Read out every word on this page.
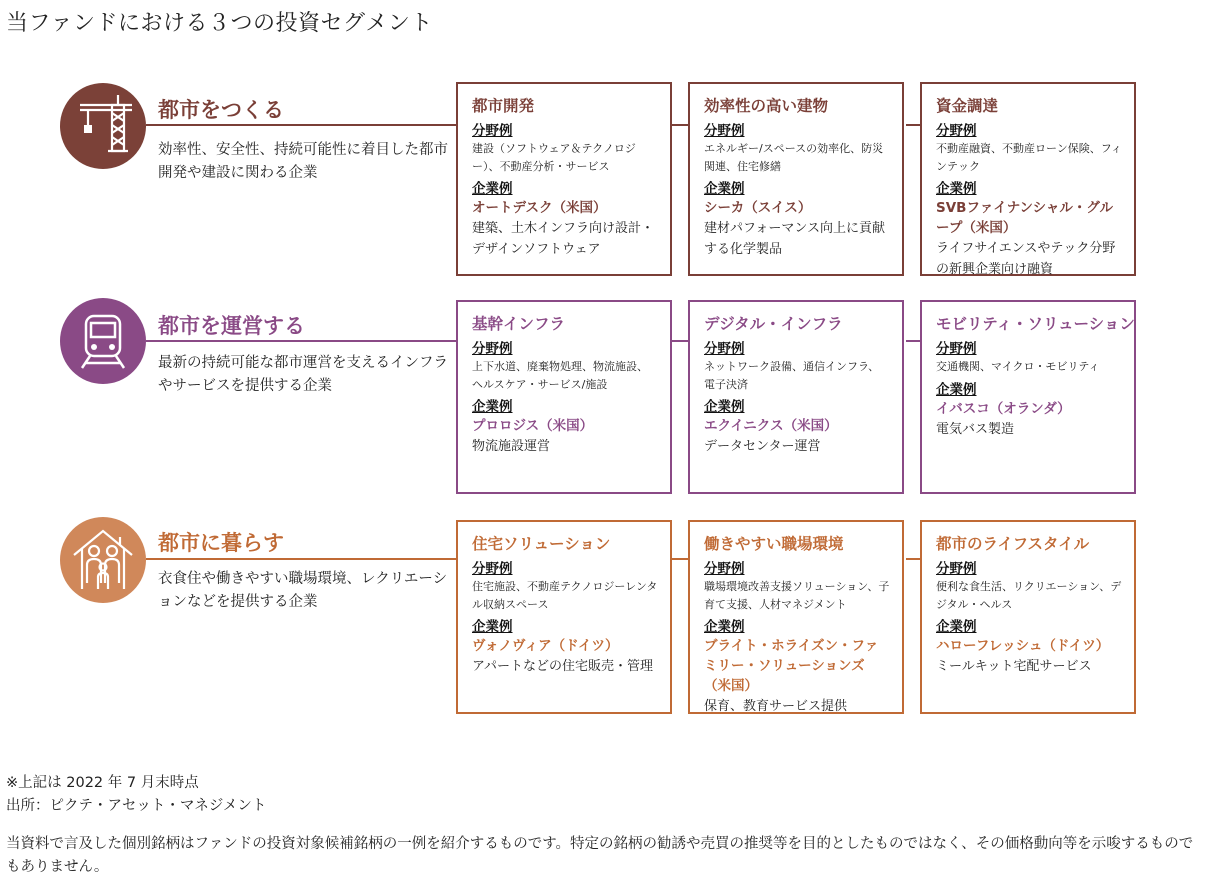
当ファンドにおける３つの投資セグメント
都市をつくる
効率性、安全性、持続可能性に着目した都市開発や建設に関わる企業
都市開発
分野例
建設（ソフトウェア＆テクノロジー）、不動産分析・サービス
企業例
オートデスク（米国）
建築、土木インフラ向け設計・デザインソフトウェア
効率性の高い建物
分野例
エネルギー/スペースの効率化、防災関連、住宅修繕
企業例
シーカ（スイス）
建材パフォーマンス向上に貢献する化学製品
資金調達
分野例
不動産融資、不動産ローン保険、フィンテック
企業例
SVBファイナンシャル・グループ（米国）
ライフサイエンスやテック分野の新興企業向け融資
都市を運営する
最新の持続可能な都市運営を支えるインフラやサービスを提供する企業
基幹インフラ
分野例
上下水道、廃棄物処理、物流施設、ヘルスケア・サービス/施設
企業例
プロロジス（米国）
物流施設運営
デジタル・インフラ
分野例
ネットワーク設備、通信インフラ、電子決済
企業例
エクイニクス（米国）
データセンター運営
モビリティ・ソリューション
分野例
交通機関、マイクロ・モビリティ
企業例
イバスコ（オランダ）
電気バス製造
都市に暮らす
衣食住や働きやすい職場環境、レクリエーションなどを提供する企業
住宅ソリューション
分野例
住宅施設、不動産テクノロジーレンタル収納スペース
企業例
ヴォノヴィア（ドイツ）
アパートなどの住宅販売・管理
働きやすい職場環境
分野例
職場環境改善支援ソリューション、子育て支援、人材マネジメント
企業例
ブライト・ホライズン・ファミリー・ソリューションズ（米国）
保育、教育サービス提供
都市のライフスタイル
分野例
便利な食生活、リクリエーション、デジタル・ヘルス
企業例
ハローフレッシュ（ドイツ）
ミールキット宅配サービス
※上記は 2022 年 7 月末時点
出所：ピクテ・アセット・マネジメント
当資料で言及した個別銘柄はファンドの投資対象候補銘柄の一例を紹介するものです。特定の銘柄の勧誘や売買の推奨等を目的としたものではなく、その価格動向等を示唆するものでもありません。
